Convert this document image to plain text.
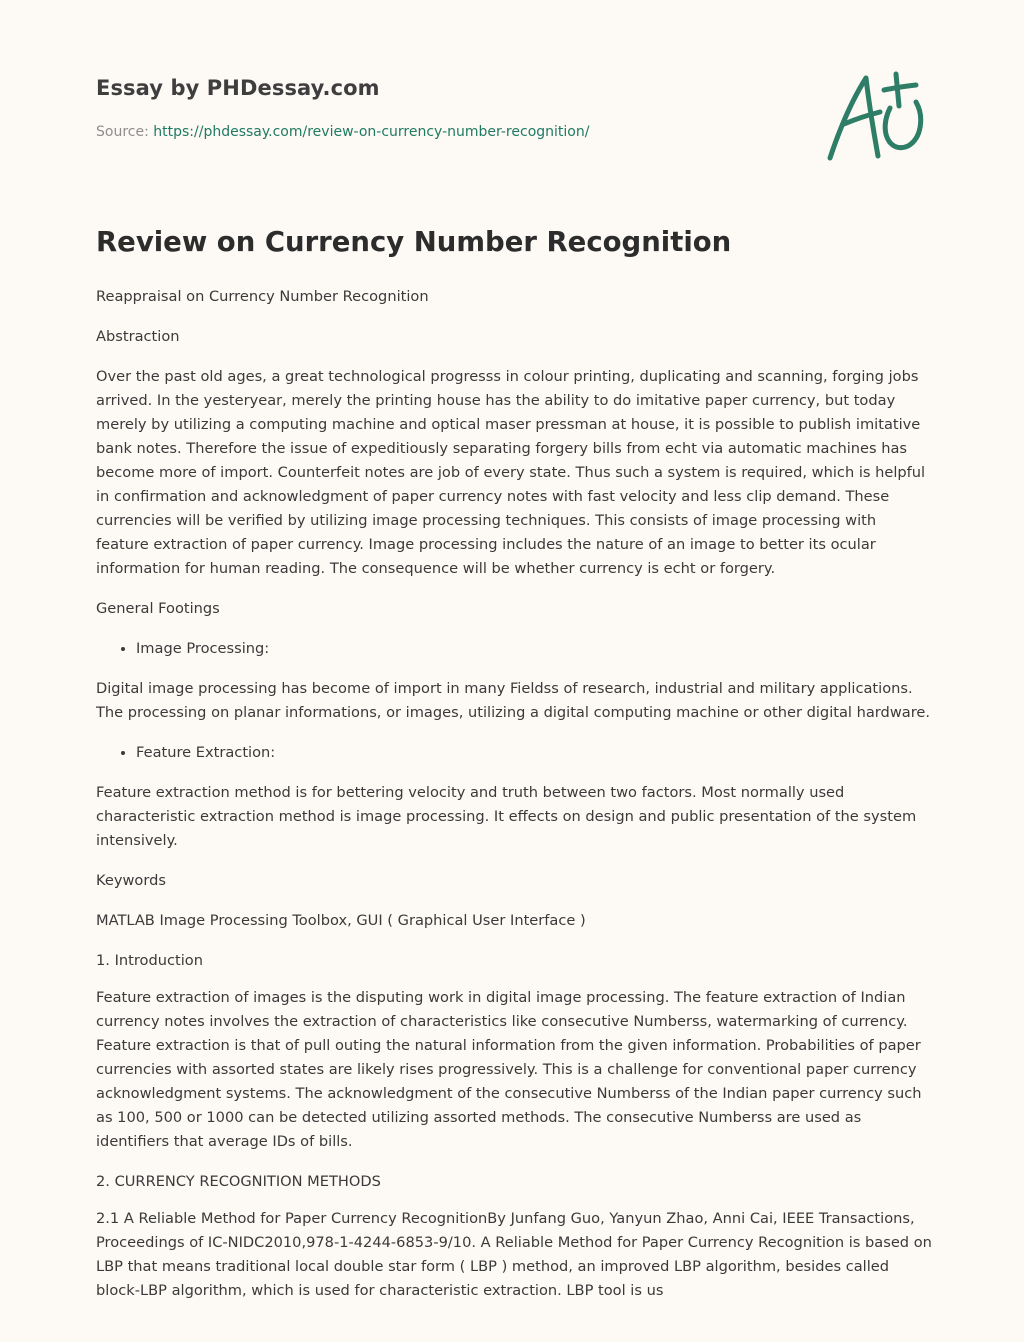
Essay by PHDessay.com
Source: https://phdessay.com/review-on-currency-number-recognition/
Review on Currency Number Recognition

Reappraisal on Currency Number Recognition

Abstraction

Over the past old ages, a great technological progresss in colour printing, duplicating and scanning, forging jobs arrived. In the yesteryear, merely the printing house has the ability to do imitative paper currency, but today merely by utilizing a computing machine and optical maser pressman at house, it is possible to publish imitative bank notes. Therefore the issue of expeditiously separating forgery bills from echt via automatic machines has become more of import. Counterfeit notes are job of every state. Thus such a system is required, which is helpful in confirmation and acknowledgment of paper currency notes with fast velocity and less clip demand. These currencies will be verified by utilizing image processing techniques. This consists of image processing with feature extraction of paper currency. Image processing includes the nature of an image to better its ocular information for human reading. The consequence will be whether currency is echt or forgery.

General Footings

• Image Processing:

Digital image processing has become of import in many Fieldss of research, industrial and military applications. The processing on planar informations, or images, utilizing a digital computing machine or other digital hardware.

• Feature Extraction:

Feature extraction method is for bettering velocity and truth between two factors. Most normally used characteristic extraction method is image processing. It effects on design and public presentation of the system intensively.

Keywords

MATLAB Image Processing Toolbox, GUI ( Graphical User Interface )

1. Introduction

Feature extraction of images is the disputing work in digital image processing. The feature extraction of Indian currency notes involves the extraction of characteristics like consecutive Numberss, watermarking of currency. Feature extraction is that of pull outing the natural information from the given information. Probabilities of paper currencies with assorted states are likely rises progressively. This is a challenge for conventional paper currency acknowledgment systems. The acknowledgment of the consecutive Numberss of the Indian paper currency such as 100, 500 or 1000 can be detected utilizing assorted methods. The consecutive Numberss are used as identifiers that average IDs of bills.

2. CURRENCY RECOGNITION METHODS

2.1 A Reliable Method for Paper Currency RecognitionBy Junfang Guo, Yanyun Zhao, Anni Cai, IEEE Transactions, Proceedings of IC-NIDC2010,978-1-4244-6853-9/10. A Reliable Method for Paper Currency Recognition is based on LBP that means traditional local double star form ( LBP ) method, an improved LBP algorithm, besides called block-LBP algorithm, which is used for characteristic extraction. LBP tool is us
